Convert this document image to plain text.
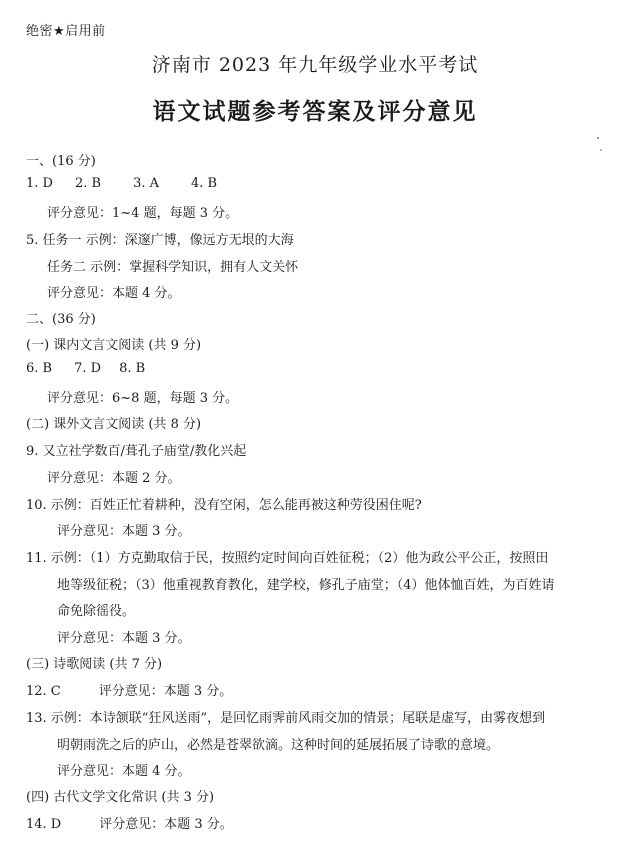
绝密★启用前
济南市 2023 年九年级学业水平考试
语文试题参考答案及评分意见
一、(16 分)
1. D 2. B 3. A 4. B
评分意见：1~4 题，每题 3 分。
5. 任务一 示例：深邃广博，像远方无垠的大海
任务二 示例：掌握科学知识，拥有人文关怀
评分意见：本题 4 分。
二、(36 分)
(一) 课内文言文阅读 (共 9 分)
6. B 7. D 8. B
评分意见：6~8 题，每题 3 分。
(二) 课外文言文阅读 (共 8 分)
9. 又立社学数百/葺孔子庙堂/教化兴起
评分意见：本题 2 分。
10. 示例：百姓正忙着耕种，没有空闲，怎么能再被这种劳役困住呢?
评分意见：本题 3 分。
11. 示例：（1）方克勤取信于民，按照约定时间向百姓征税；（2）他为政公平公正，按照田
地等级征税；（3）他重视教育教化，建学校，修孔子庙堂；（4）他体恤百姓，为百姓请
命免除徭役。
评分意见：本题 3 分。
(三) 诗歌阅读 (共 7 分)
12. C	评分意见：本题 3 分。
13. 示例：本诗颔联“狂风送雨”，是回忆雨霁前风雨交加的情景；尾联是虚写，由雾夜想到
明朝雨洗之后的庐山，必然是苍翠欲滴。这种时间的延展拓展了诗歌的意境。
评分意见：本题 4 分。
(四) 古代文学文化常识 (共 3 分)
14. D	评分意见：本题 3 分。
